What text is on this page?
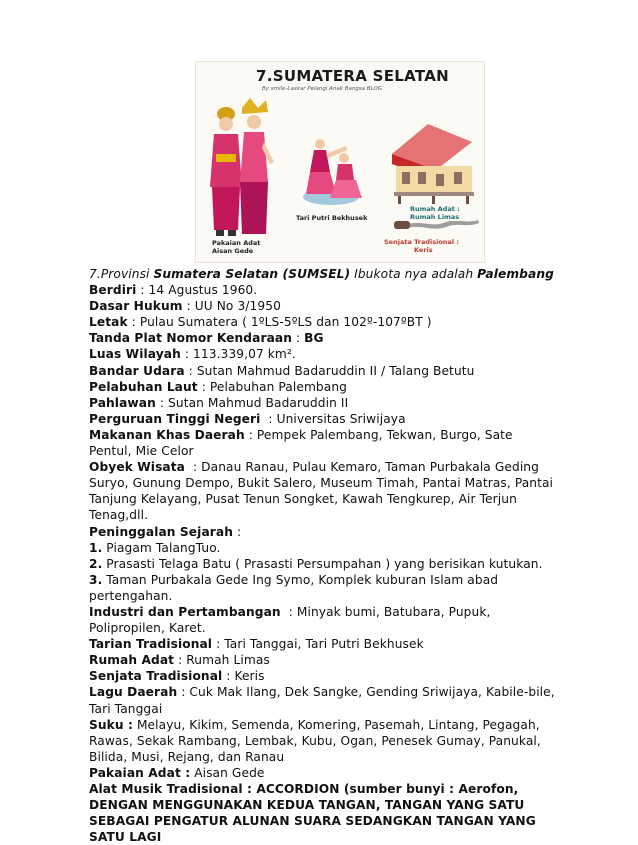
7.SUMATERA SELATAN
By smile-Laskar Pelangi Anak Bangsa BLOG
Pakaian Adat
Aisan Gede
Tari Putri Bekhusek
Rumah Adat :
Rumah Limas
Senjata Tradisional :
Keris

7.Provinsi Sumatera Selatan (SUMSEL) Ibukota nya adalah Palembang

Berdiri : 14 Agustus 1960.

Dasar Hukum : UU No 3/1950

Letak : Pulau Sumatera ( 1ºLS-5ºLS dan 102º-107ºBT )

Tanda Plat Nomor Kendaraan : BG

Luas Wilayah : 113.339,07 km².

Bandar Udara : Sutan Mahmud Badaruddin II / Talang Betutu

Pelabuhan Laut : Pelabuhan Palembang

Pahlawan : Sutan Mahmud Badaruddin II

Perguruan Tinggi Negeri  : Universitas Sriwijaya

Makanan Khas Daerah : Pempek Palembang, Tekwan, Burgo, Sate Pentul, Mie Celor

Obyek Wisata  : Danau Ranau, Pulau Kemaro, Taman Purbakala Geding Suryo, Gunung Dempo, Bukit Salero, Museum Timah, Pantai Matras, Pantai Tanjung Kelayang, Pusat Tenun Songket, Kawah Tengkurep, Air Terjun Tenag,dll.

Peninggalan Sejarah :

1. Piagam TalangTuo.

2. Prasasti Telaga Batu ( Prasasti Persumpahan ) yang berisikan kutukan.

3. Taman Purbakala Gede Ing Symo, Komplek kuburan Islam abad pertengahan.

Industri dan Pertambangan  : Minyak bumi, Batubara, Pupuk, Polipropilen, Karet.

Tarian Tradisional : Tari Tanggai, Tari Putri Bekhusek

Rumah Adat : Rumah Limas

Senjata Tradisional : Keris

Lagu Daerah : Cuk Mak Ilang, Dek Sangke, Gending Sriwijaya, Kabile-bile, Tari Tanggai

Suku : Melayu, Kikim, Semenda, Komering, Pasemah, Lintang, Pegagah, Rawas, Sekak Rambang, Lembak, Kubu, Ogan, Penesek Gumay, Panukal, Bilida, Musi, Rejang, dan Ranau

Pakaian Adat : Aisan Gede

Alat Musik Tradisional : ACCORDION (sumber bunyi : Aerofon, DENGAN MENGGUNAKAN KEDUA TANGAN, TANGAN YANG SATU SEBAGAI PENGATUR ALUNAN SUARA SEDANGKAN TANGAN YANG SATU LAGI
